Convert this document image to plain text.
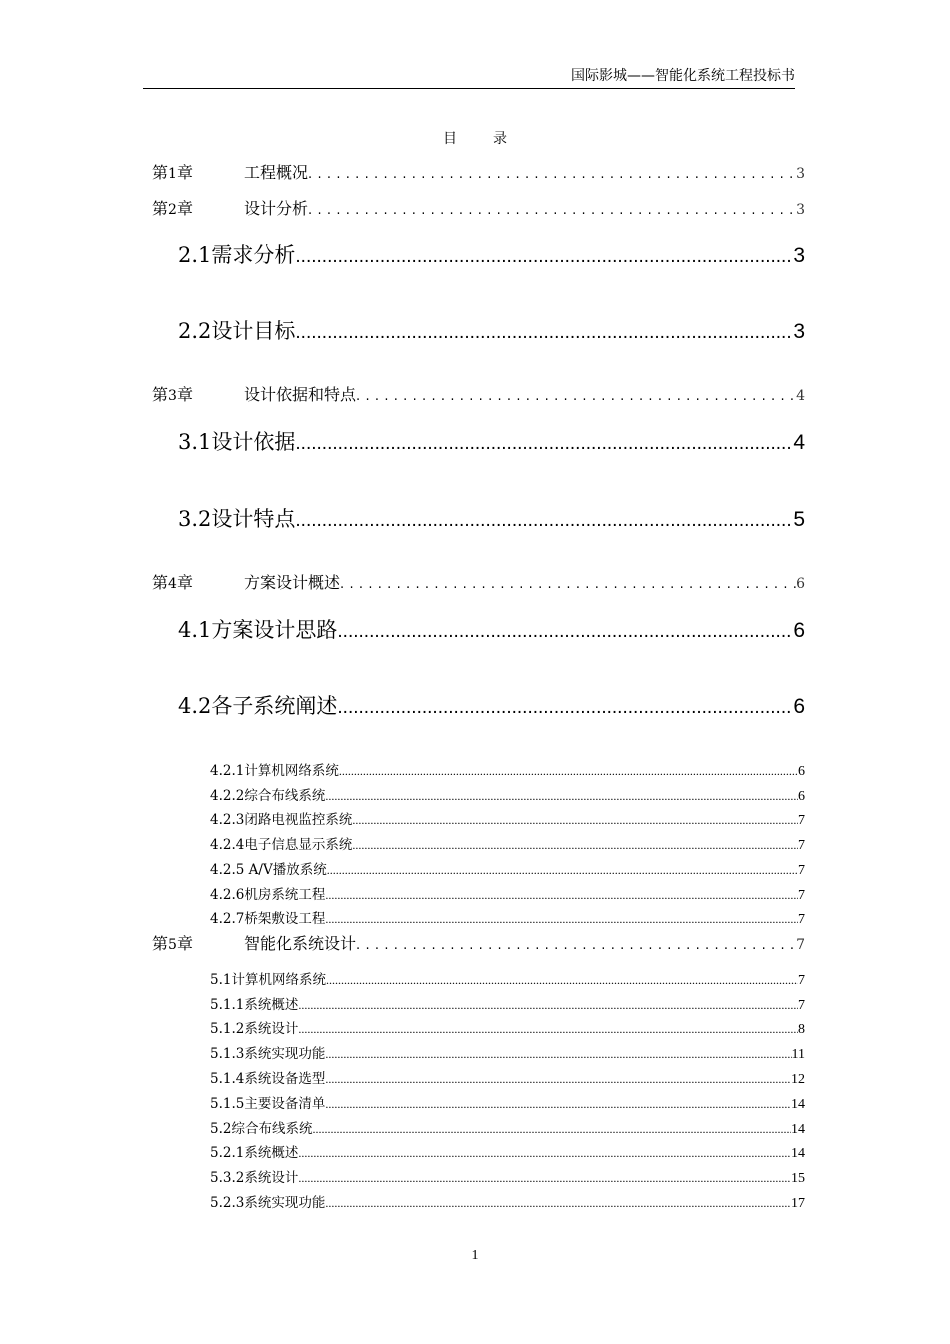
国际影城——智能化系统工程投标书
目	录
第1章	工程概况 .....	3
第2章	设计分析 .....	3
2.1需求分析 .....	3
2.2设计目标 .....	3
第3章	设计依据和特点 .....	4
3.1设计依据 .....	4
3.2设计特点 .....	5
第4章	方案设计概述 .....	6
4.1方案设计思路 .....	6
4.2各子系统阐述 .....	6
4.2.1计算机网络系统 .....	6
4.2.2综合布线系统 .....	6
4.2.3闭路电视监控系统 .....	7
4.2.4电子信息显示系统 .....	7
4.2.5 A/V播放系统 .....	7
4.2.6机房系统工程 .....	7
4.2.7桥架敷设工程 .....	7
第5章	智能化系统设计 .....	7
5.1计算机网络系统 .....	7
5.1.1系统概述 .....	7
5.1.2系统设计 .....	8
5.1.3系统实现功能 .....	11
5.1.4系统设备选型 .....	12
5.1.5主要设备清单 .....	14
5.2综合布线系统 .....	14
5.2.1系统概述 .....	14
5.3.2系统设计 .....	15
5.2.3系统实现功能 .....	17
1
